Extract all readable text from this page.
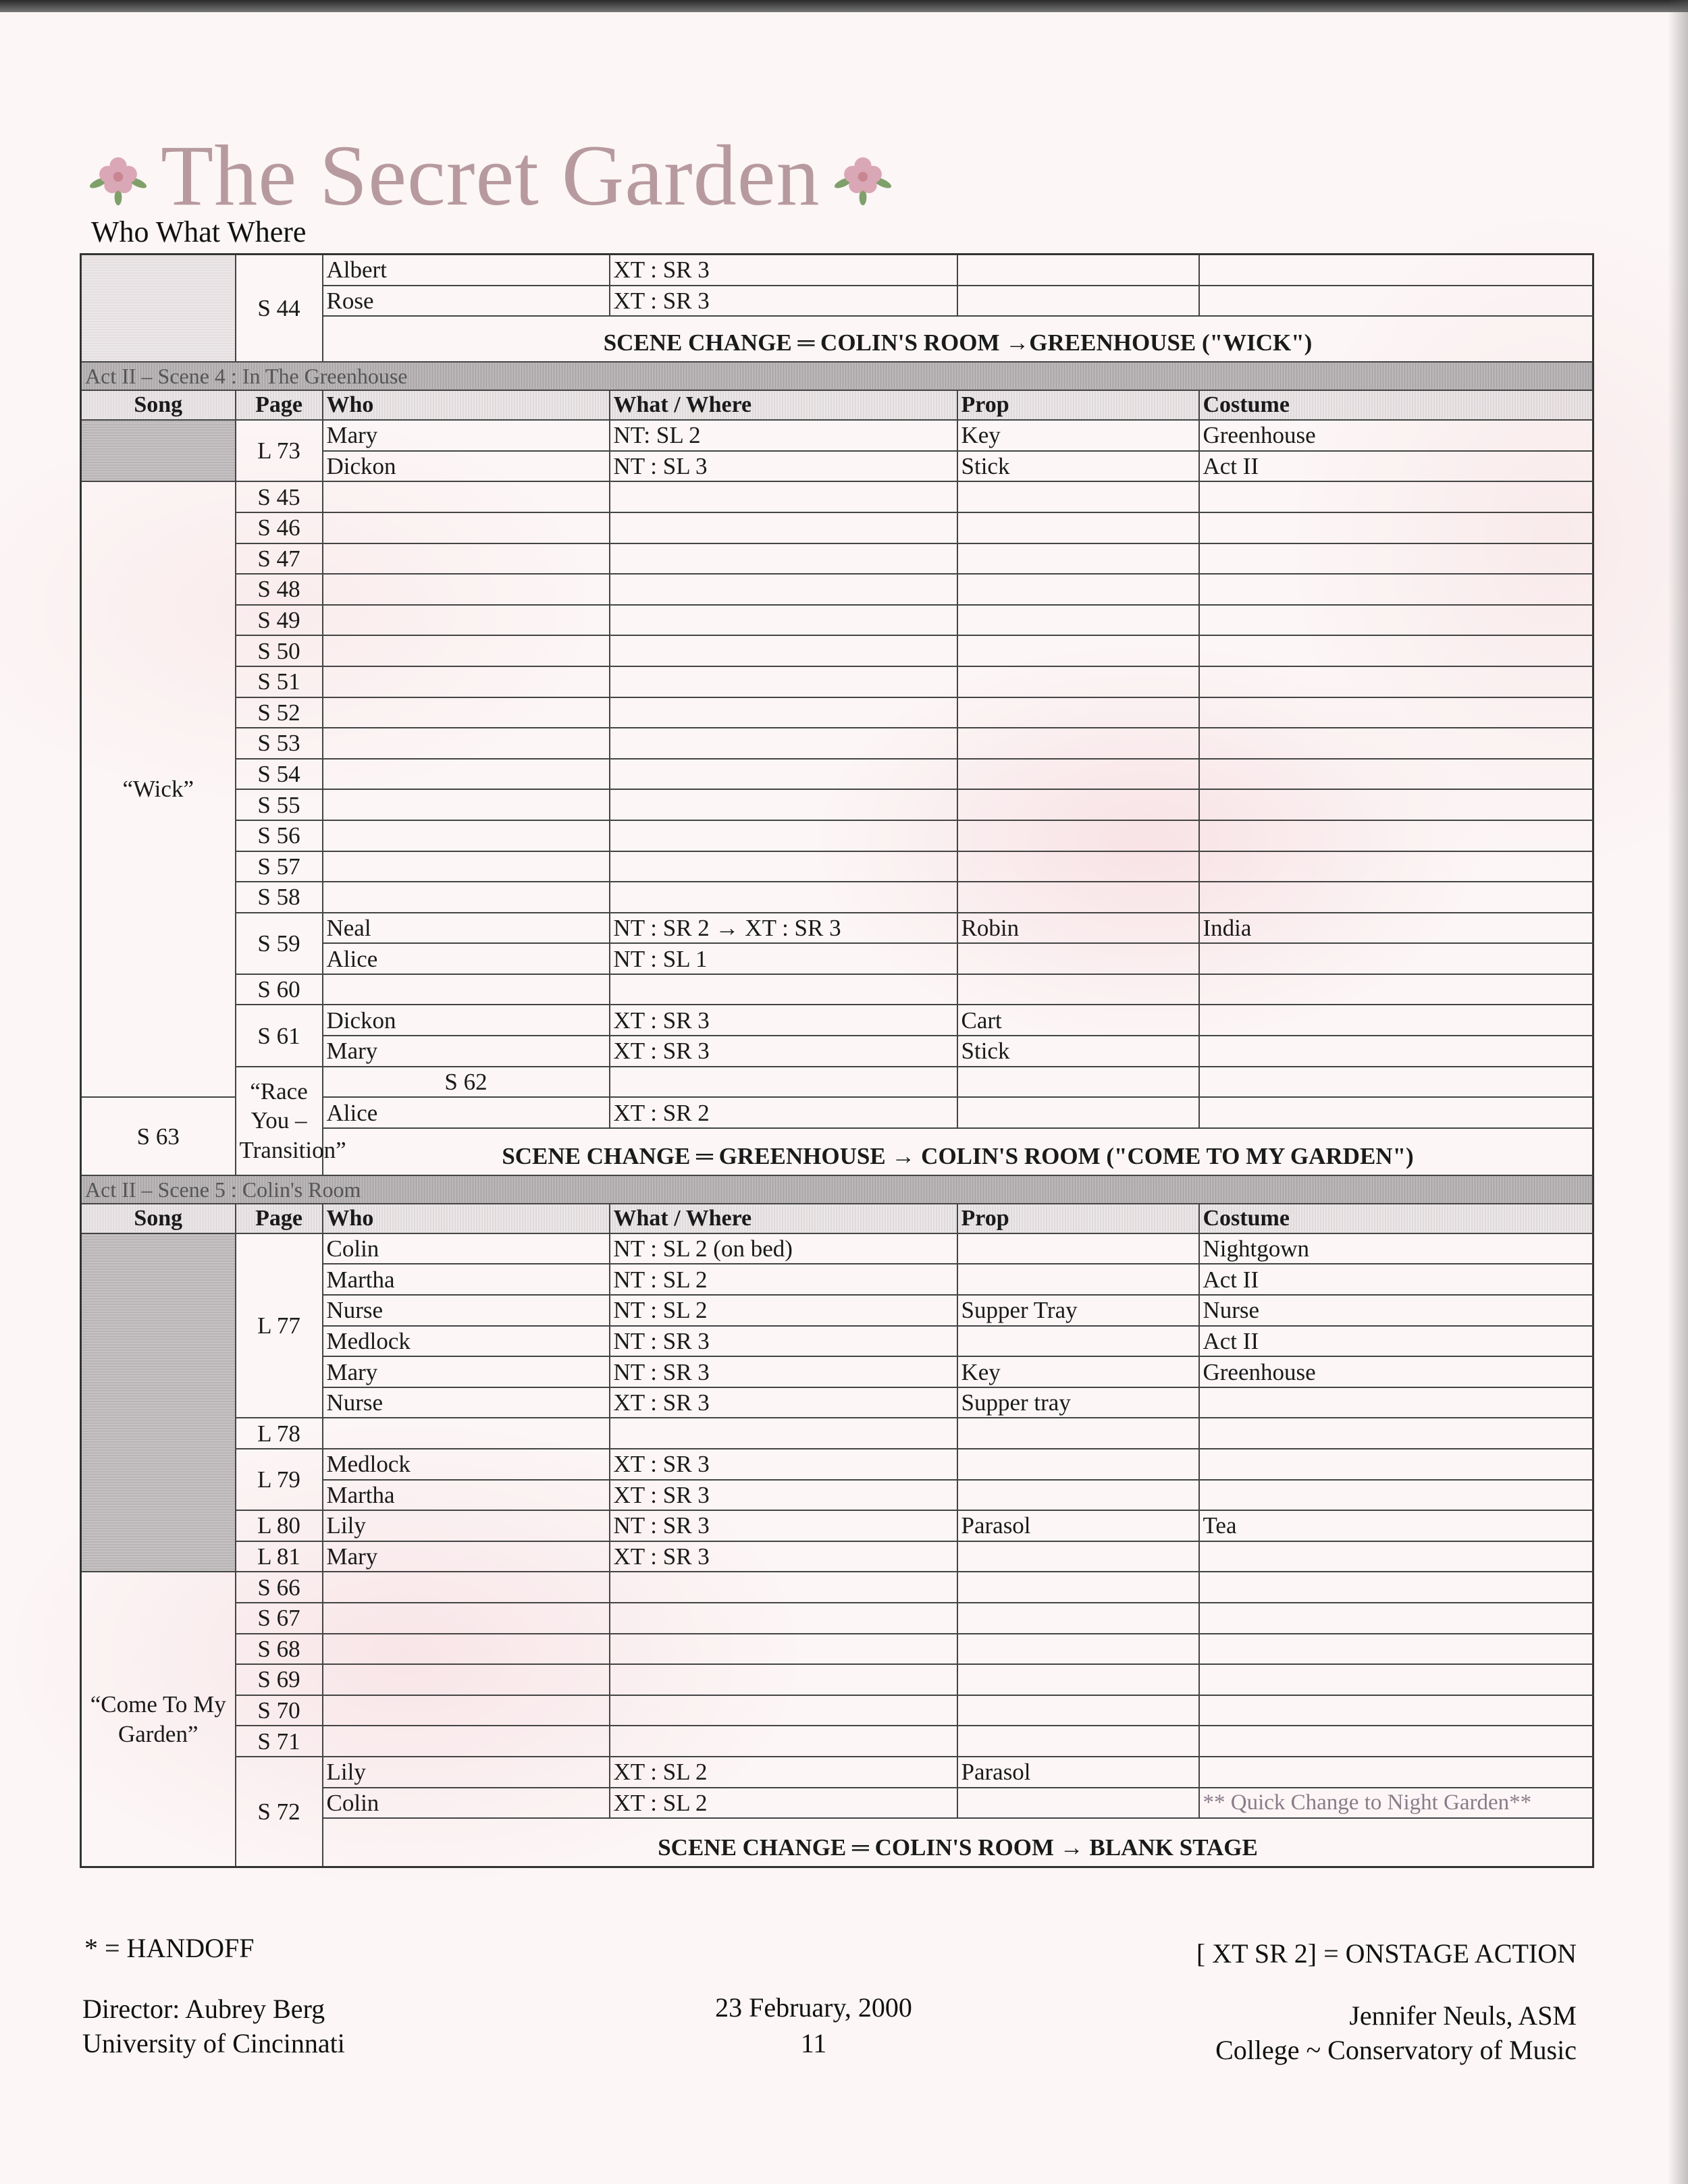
The Secret Garden
Who What Where
	S 44	Albert	XT : SR 3			
		Rose	XT : SR 3			
		SCENE CHANGE ═ COLIN'S ROOM →GREENHOUSE ("WICK")				
Act II – Scene 4 : In The Greenhouse						
Song	Page	Who	What / Where	Prop	Costume	
	L 73	Mary	NT: SL 2	Key	Greenhouse	
		Dickon	NT : SL 3	Stick	Act II	
“Wick”	S 45					
	S 46					
	S 47					
	S 48					
	S 49					
	S 50					
	S 51					
	S 52					
	S 53					
	S 54					
	S 55					
	S 56					
	S 57					
	S 58					
	S 59	Neal	NT : SR 2 → XT : SR 3	Robin	India	
		Alice	NT : SL 1			
	S 60					
	S 61	Dickon	XT : SR 3	Cart		
		Mary	XT : SR 3	Stick		
	“Race You – Transition”	S 62				
S 63		Alice	XT : SR 2			
		SCENE CHANGE ═ GREENHOUSE → COLIN'S ROOM ("COME TO MY GARDEN")				
Act II – Scene 5 : Colin's Room						
Song	Page	Who	What / Where	Prop	Costume	
	L 77	Colin	NT : SL 2 (on bed)		Nightgown	
		Martha	NT : SL 2		Act II	
		Nurse	NT : SL 2	Supper Tray	Nurse	
		Medlock	NT : SR 3		Act II	
		Mary	NT : SR 3	Key	Greenhouse	
		Nurse	XT : SR 3	Supper tray		
	L 78					
	L 79	Medlock	XT : SR 3			
		Martha	XT : SR 3			
	L 80	Lily	NT : SR 3	Parasol	Tea	
	L 81	Mary	XT : SR 3			
“Come To My Garden”	S 66					
	S 67					
	S 68					
	S 69					
	S 70					
	S 71					
	S 72	Lily	XT : SL 2	Parasol		
		Colin	XT : SL 2		** Quick Change to Night Garden**	
		SCENE CHANGE ═ COLIN'S ROOM → BLANK STAGE				
* = HANDOFF	[ XT SR 2] = ONSTAGE ACTION
Director: Aubrey Berg
University of Cincinnati
23 February, 2000
11
Jennifer Neuls, ASM
College ~ Conservatory of Music
